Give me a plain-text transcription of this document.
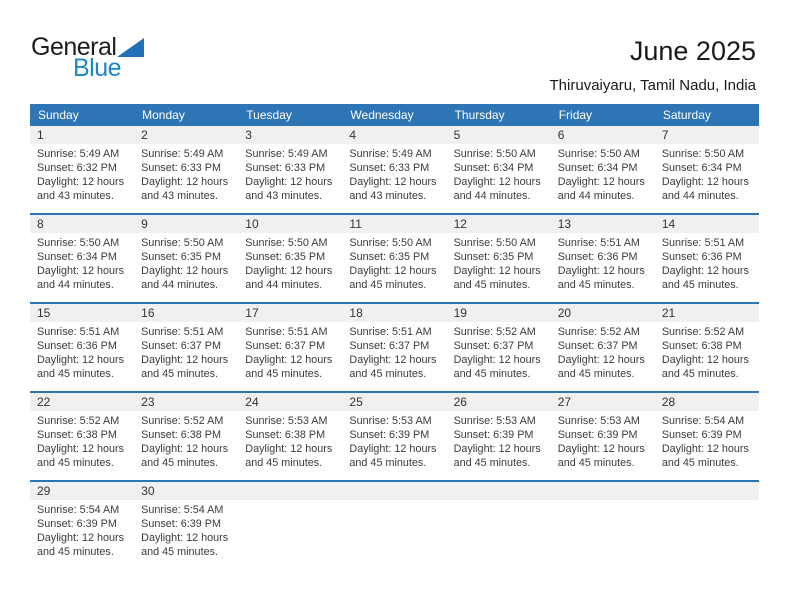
General
Blue
June 2025
Thiruvaiyaru, Tamil Nadu, India
Sunday	Monday	Tuesday	Wednesday	Thursday	Friday	Saturday
1	2	3	4	5	6	7
Sunrise: 5:49 AM
Sunset: 6:32 PM
Daylight: 12 hours
and 43 minutes.
Sunrise: 5:49 AM
Sunset: 6:33 PM
Daylight: 12 hours
and 43 minutes.
Sunrise: 5:49 AM
Sunset: 6:33 PM
Daylight: 12 hours
and 43 minutes.
Sunrise: 5:49 AM
Sunset: 6:33 PM
Daylight: 12 hours
and 43 minutes.
Sunrise: 5:50 AM
Sunset: 6:34 PM
Daylight: 12 hours
and 44 minutes.
Sunrise: 5:50 AM
Sunset: 6:34 PM
Daylight: 12 hours
and 44 minutes.
Sunrise: 5:50 AM
Sunset: 6:34 PM
Daylight: 12 hours
and 44 minutes.
8	9	10	11	12	13	14
Sunrise: 5:50 AM
Sunset: 6:34 PM
Daylight: 12 hours
and 44 minutes.
Sunrise: 5:50 AM
Sunset: 6:35 PM
Daylight: 12 hours
and 44 minutes.
Sunrise: 5:50 AM
Sunset: 6:35 PM
Daylight: 12 hours
and 44 minutes.
Sunrise: 5:50 AM
Sunset: 6:35 PM
Daylight: 12 hours
and 45 minutes.
Sunrise: 5:50 AM
Sunset: 6:35 PM
Daylight: 12 hours
and 45 minutes.
Sunrise: 5:51 AM
Sunset: 6:36 PM
Daylight: 12 hours
and 45 minutes.
Sunrise: 5:51 AM
Sunset: 6:36 PM
Daylight: 12 hours
and 45 minutes.
15	16	17	18	19	20	21
Sunrise: 5:51 AM
Sunset: 6:36 PM
Daylight: 12 hours
and 45 minutes.
Sunrise: 5:51 AM
Sunset: 6:37 PM
Daylight: 12 hours
and 45 minutes.
Sunrise: 5:51 AM
Sunset: 6:37 PM
Daylight: 12 hours
and 45 minutes.
Sunrise: 5:51 AM
Sunset: 6:37 PM
Daylight: 12 hours
and 45 minutes.
Sunrise: 5:52 AM
Sunset: 6:37 PM
Daylight: 12 hours
and 45 minutes.
Sunrise: 5:52 AM
Sunset: 6:37 PM
Daylight: 12 hours
and 45 minutes.
Sunrise: 5:52 AM
Sunset: 6:38 PM
Daylight: 12 hours
and 45 minutes.
22	23	24	25	26	27	28
Sunrise: 5:52 AM
Sunset: 6:38 PM
Daylight: 12 hours
and 45 minutes.
Sunrise: 5:52 AM
Sunset: 6:38 PM
Daylight: 12 hours
and 45 minutes.
Sunrise: 5:53 AM
Sunset: 6:38 PM
Daylight: 12 hours
and 45 minutes.
Sunrise: 5:53 AM
Sunset: 6:39 PM
Daylight: 12 hours
and 45 minutes.
Sunrise: 5:53 AM
Sunset: 6:39 PM
Daylight: 12 hours
and 45 minutes.
Sunrise: 5:53 AM
Sunset: 6:39 PM
Daylight: 12 hours
and 45 minutes.
Sunrise: 5:54 AM
Sunset: 6:39 PM
Daylight: 12 hours
and 45 minutes.
29	30
Sunrise: 5:54 AM
Sunset: 6:39 PM
Daylight: 12 hours
and 45 minutes.
Sunrise: 5:54 AM
Sunset: 6:39 PM
Daylight: 12 hours
and 45 minutes.
